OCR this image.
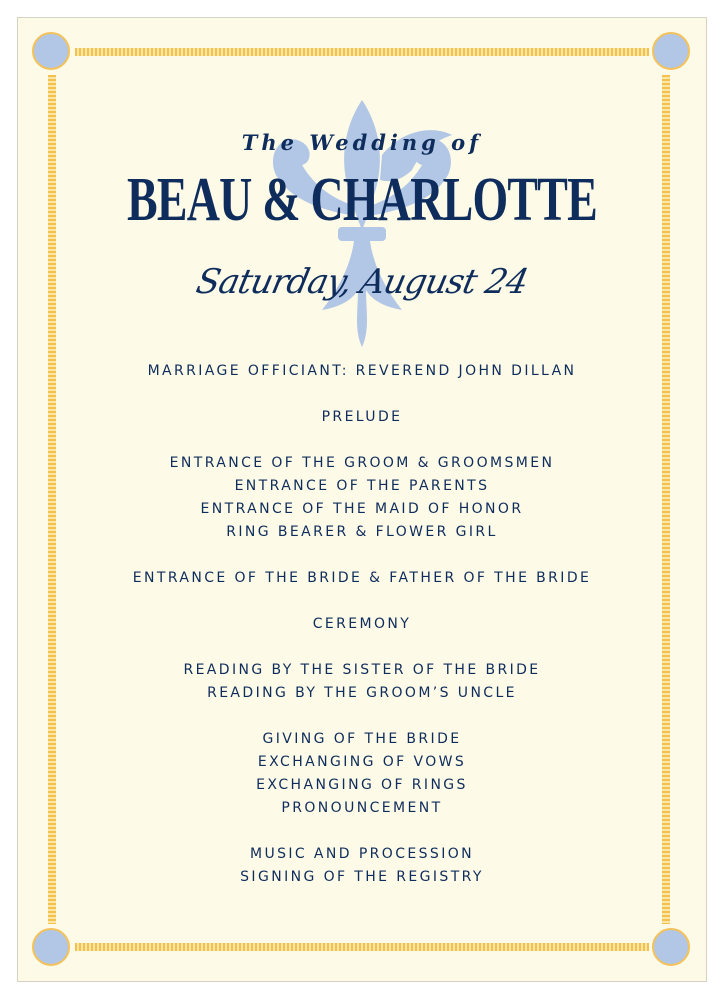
The Wedding of
BEAU & CHARLOTTE
Saturday, August 24
MARRIAGE OFFICIANT: REVEREND JOHN DILLAN
PRELUDE
ENTRANCE OF THE GROOM & GROOMSMEN
ENTRANCE OF THE PARENTS
ENTRANCE OF THE MAID OF HONOR
RING BEARER & FLOWER GIRL
ENTRANCE OF THE BRIDE & FATHER OF THE BRIDE
CEREMONY
READING BY THE SISTER OF THE BRIDE
READING BY THE GROOM’S UNCLE
GIVING OF THE BRIDE
EXCHANGING OF VOWS
EXCHANGING OF RINGS
PRONOUNCEMENT
MUSIC AND PROCESSION
SIGNING OF THE REGISTRY
